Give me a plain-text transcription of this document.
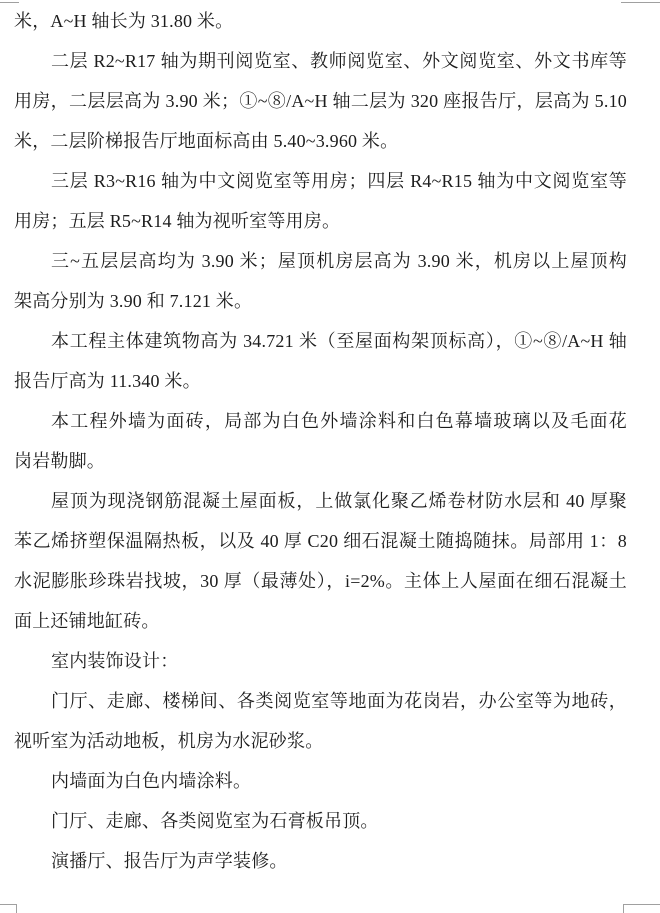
米，A~H 轴长为 31.80 米。
二层 R2~R17 轴为期刊阅览室、教师阅览室、外文阅览室、外文书库等
用房，二层层高为 3.90 米；①~⑧/A~H 轴二层为 320 座报告厅，层高为 5.10
米，二层阶梯报告厅地面标高由 5.40~3.960 米。
三层 R3~R16 轴为中文阅览室等用房；四层 R4~R15 轴为中文阅览室等
用房；五层 R5~R14 轴为视听室等用房。
三~五层层高均为 3.90 米；屋顶机房层高为 3.90 米，机房以上屋顶构
架高分别为 3.90 和 7.121 米。
本工程主体建筑物高为 34.721 米（至屋面构架顶标高），①~⑧/A~H 轴
报告厅高为 11.340 米。
本工程外墙为面砖，局部为白色外墙涂料和白色幕墙玻璃以及毛面花
岗岩勒脚。
屋顶为现浇钢筋混凝土屋面板，上做氯化聚乙烯卷材防水层和 40 厚聚
苯乙烯挤塑保温隔热板，以及 40 厚 C20 细石混凝土随捣随抹。局部用 1：8
水泥膨胀珍珠岩找坡，30 厚（最薄处），i=2%。主体上人屋面在细石混凝土
面上还铺地缸砖。
室内装饰设计：
门厅、走廊、楼梯间、各类阅览室等地面为花岗岩，办公室等为地砖，
视听室为活动地板，机房为水泥砂浆。
内墙面为白色内墙涂料。
门厅、走廊、各类阅览室为石膏板吊顶。
演播厅、报告厅为声学装修。
